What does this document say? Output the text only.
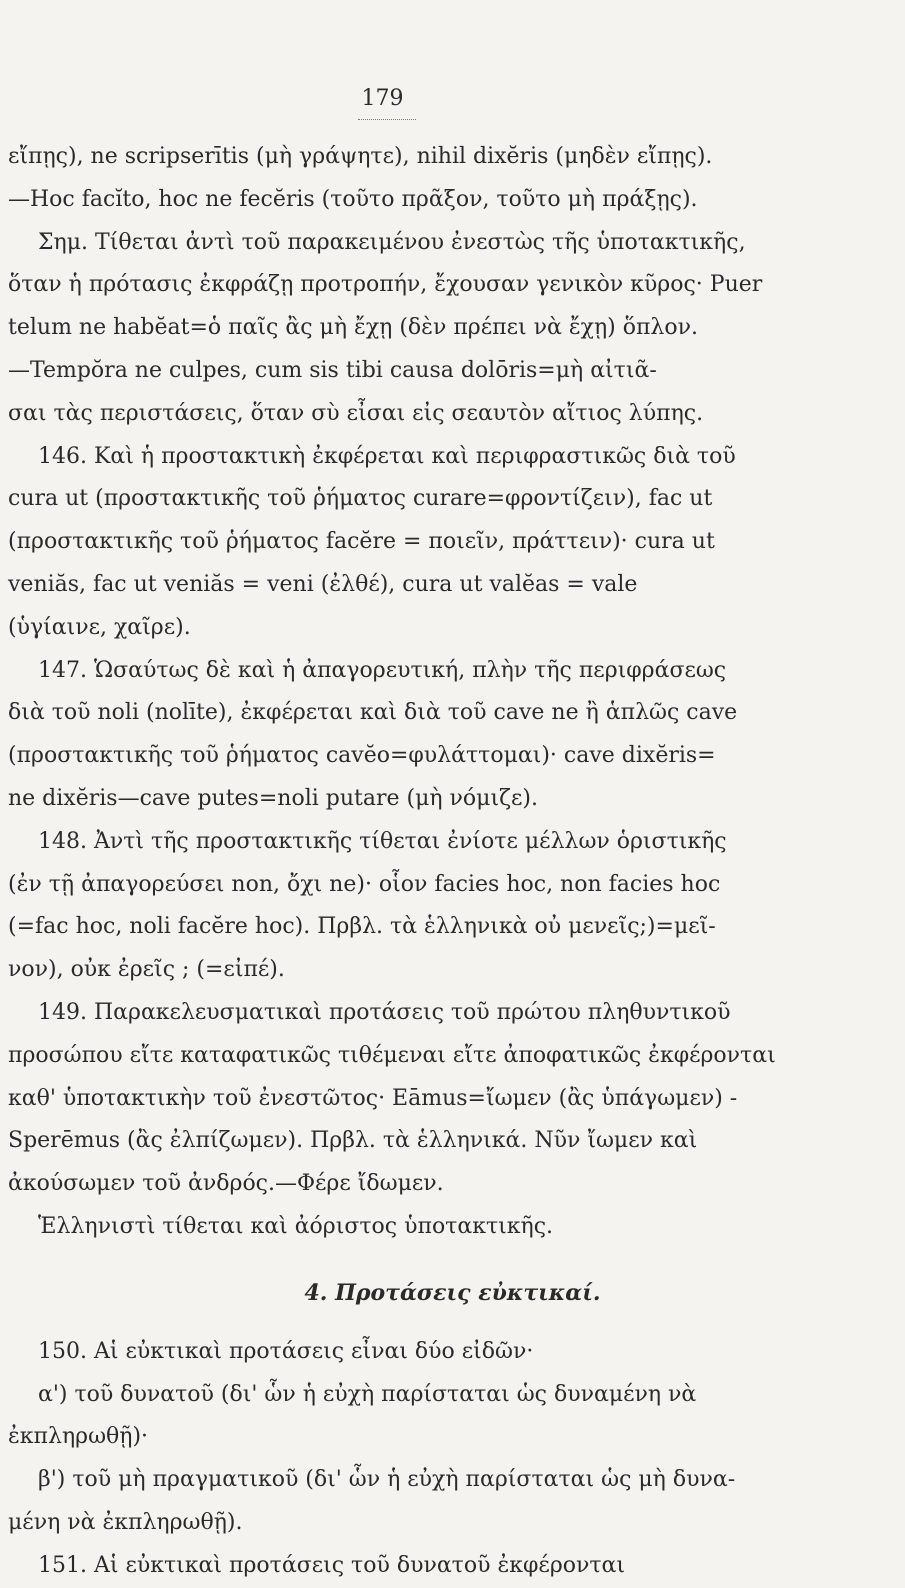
179
εἴπῃς), ne scripserītis (μὴ γράψητε), nihil dixĕris (μηδὲν εἴπῃς).
—Hoc facĭto, hoc ne fecĕris (τοῦτο πρᾶξον, τοῦτο μὴ πράξῃς).
Σημ. Τίθεται ἀντὶ τοῦ παρακειμένου ἐνεστὼς τῆς ὑποτακτικῆς,
ὅταν ἡ πρότασις ἐκφράζῃ προτροπήν, ἔχουσαν γενικὸν κῦρος· Puer
telum ne habĕat=ὁ παῖς ἂς μὴ ἔχῃ (δὲν πρέπει νὰ ἔχῃ) ὅπλον.
—Tempŏra ne culpes, cum sis tibi causa dolōris=μὴ αἰτιᾶ-
σαι τὰς περιστάσεις, ὅταν σὺ εἶσαι εἰς σεαυτὸν αἴτιος λύπης.
146. Καὶ ἡ προστακτικὴ ἐκφέρεται καὶ περιφραστικῶς διὰ τοῦ
cura ut (προστακτικῆς τοῦ ῥήματος curare=φροντίζειν), fac ut
(προστακτικῆς τοῦ ῥήματος facĕre = ποιεῖν, πράττειν)· cura ut
veniăs, fac ut veniăs = veni (ἐλθέ), cura ut valĕas = vale
(ὑγίαινε, χαῖρε).
147. Ὡσαύτως δὲ καὶ ἡ ἀπαγορευτική, πλὴν τῆς περιφράσεως
διὰ τοῦ noli (nolīte), ἐκφέρεται καὶ διὰ τοῦ cave ne ἢ ἁπλῶς cave
(προστακτικῆς τοῦ ῥήματος cavĕo=φυλάττομαι)· cave dixĕris=
ne dixĕris—cave putes=noli putare (μὴ νόμιζε).
148. Ἀντὶ τῆς προστακτικῆς τίθεται ἐνίοτε μέλλων ὁριστικῆς
(ἐν τῇ ἀπαγορεύσει non, ὄχι ne)· οἷον facies hoc, non facies hoc
(=fac hoc, noli facĕre hoc). Πρβλ. τὰ ἑλληνικὰ οὐ μενεῖς;)=μεῖ-
νον), οὐκ ἐρεῖς ; (=εἰπέ).
149. Παρακελευσματικαὶ προτάσεις τοῦ πρώτου πληθυντικοῦ
προσώπου εἴτε καταφατικῶς τιθέμεναι εἴτε ἀποφατικῶς ἐκφέρονται
καθ' ὑποτακτικὴν τοῦ ἐνεστῶτος· Eāmus=ἴωμεν (ἂς ὑπάγωμεν) -
Sperēmus (ἂς ἐλπίζωμεν). Πρβλ. τὰ ἑλληνικά. Νῦν ἴωμεν καὶ
ἀκούσωμεν τοῦ ἀνδρός.—Φέρε ἴδωμεν.
Ἑλληνιστὶ τίθεται καὶ ἀόριστος ὑποτακτικῆς.
4. Προτάσεις εὐκτικαί.
150. Αἱ εὐκτικαὶ προτάσεις εἶναι δύο εἰδῶν·
α') τοῦ δυνατοῦ (δι' ὧν ἡ εὐχὴ παρίσταται ὡς δυναμένη νὰ
ἐκπληρωθῇ)·
β') τοῦ μὴ πραγματικοῦ (δι' ὧν ἡ εὐχὴ παρίσταται ὡς μὴ δυνα-
μένη νὰ ἐκπληρωθῇ).
151. Αἱ εὐκτικαὶ προτάσεις τοῦ δυνατοῦ ἐκφέρονται
